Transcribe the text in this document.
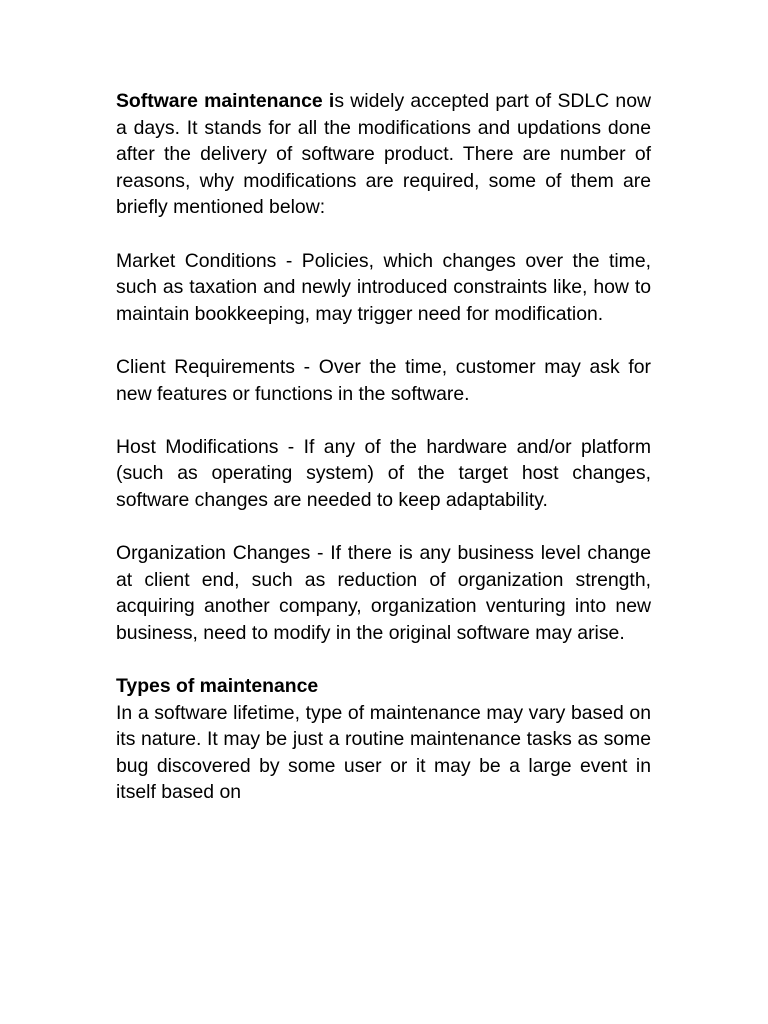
Software maintenance is widely accepted part of SDLC now a days. It stands for all the modifications and updations done after the delivery of software product. There are number of reasons, why modifications are required, some of them are briefly mentioned below:

Market Conditions - Policies, which changes over the time, such as taxation and newly introduced constraints like, how to maintain bookkeeping, may trigger need for modification.

Client Requirements - Over the time, customer may ask for new features or functions in the software.

Host Modifications - If any of the hardware and/or platform (such as operating system) of the target host changes, software changes are needed to keep adaptability.

Organization Changes - If there is any business level change at client end, such as reduction of organization strength, acquiring another company, organization venturing into new business, need to modify in the original software may arise.

Types of maintenance

In a software lifetime, type of maintenance may vary based on its nature. It may be just a routine maintenance tasks as some bug discovered by some user or it may be a large event in itself based on
